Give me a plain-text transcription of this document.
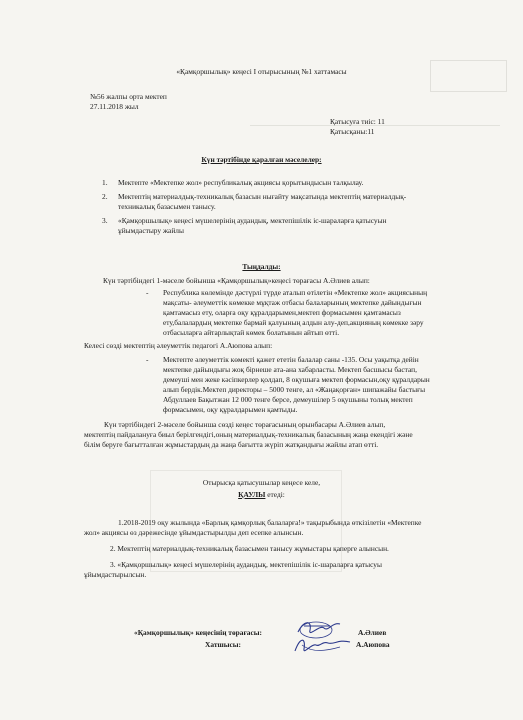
«Қамқоршылық» кеңесі I отырысының №1 хаттамасы
№56 жалпы орта мектеп
27.11.2018 жыл
Қатысуға тиіс: 11
Қатысқаны:11
Күн тәртібінде қаралған мәселелер:
1. Мектепте «Мектепке жол» республикалық акциясы қорытындысын талқылау.
2. Мектептің материалдық-техникалық базасын нығайту мақсатында мектептің материалдық-
техникалық базасымен танысу.
3. «Қамқоршылық» кеңесі мүшелерінің аудандық, мектепішілік іс-шараларға қатысуын
ұйымдастыру жайлы
Тыңдалды:
Күн тәртібіндегі 1-мәселе бойынша «Қамқоршылық»кеңесі төрағасы А.Әлиев алып:
- Республика көлемінде дәстүрлі түрде аталып өтілетін «Мектепке жол» акциясының
мақсаты- әлеуметтік көмекке мұқтаж отбасы балаларының мектепке дайындығын
қамтамасыз ету, оларға оқу құралдарымен,мектеп формасымен қамтамасыз
ету,балалардың мектепке бармай қалуының алдын алу-деп,акцияның көмекке зәру
отбасыларға айтарлықтай көмек болатынын айтып өтті.
Келесі сөзді мектептің әлеуметтік педагогі А.Аюпова алып:
- Мектепте әлеуметтік көмекті қажет ететін балалар саны -135. Осы уақытқа дейін
мектепке дайындығы жоқ бірнеше ата-ана хабарласты. Мектеп басшысы бастап,
демеуші мен жеке кәсіпкерлер қолдап, 8 оқушыға мектеп формасын,оқу құралдарын
алып бердік.Мектеп директоры – 5000 тенге, ал «Жаңақорған» шипажайы бастығы
Абдуллаев Бақытжан 12 000 тенге берсе, демеушілер 5 оқушыны толық мектеп
формасымен, оқу құралдарымен қамтыды.
Күн тәртібіндегі 2-мәселе бойынша сөзді кеңес төрағасының орынбасары А.Әлиев алып,
мектептің пайдалануға биыл берілгендігі,оның материалдық-техникалық базасының жаңа екендігі және
білім беруге бағытталған жұмыстардың да жаңа бағытта жүріп жатқандығы жайлы атап өтті.
Отырысқа қатысушылар кеңесе келе,
ҚАУЛЫ етеді:
1.2018-2019 оқу жылында «Барлық қамқорлық балаларға!» тақырыбында өткізілетін «Мектепке
жол» акциясы өз дәрежесінде ұйымдастырылды деп есепке алынсын.
2. Мектептің материалдық-техникалық базасымен танысу жұмыстары қаперге алынсын.
3. «Қамқоршылық» кеңесі мүшелерінің аудандық, мектепішілік іс-шараларға қатысуы
ұйымдастырылсын.
«Қамқоршылық» кеңесінің төрағасы:	А.Әлиев
Хатшысы:	А.Аюпова
